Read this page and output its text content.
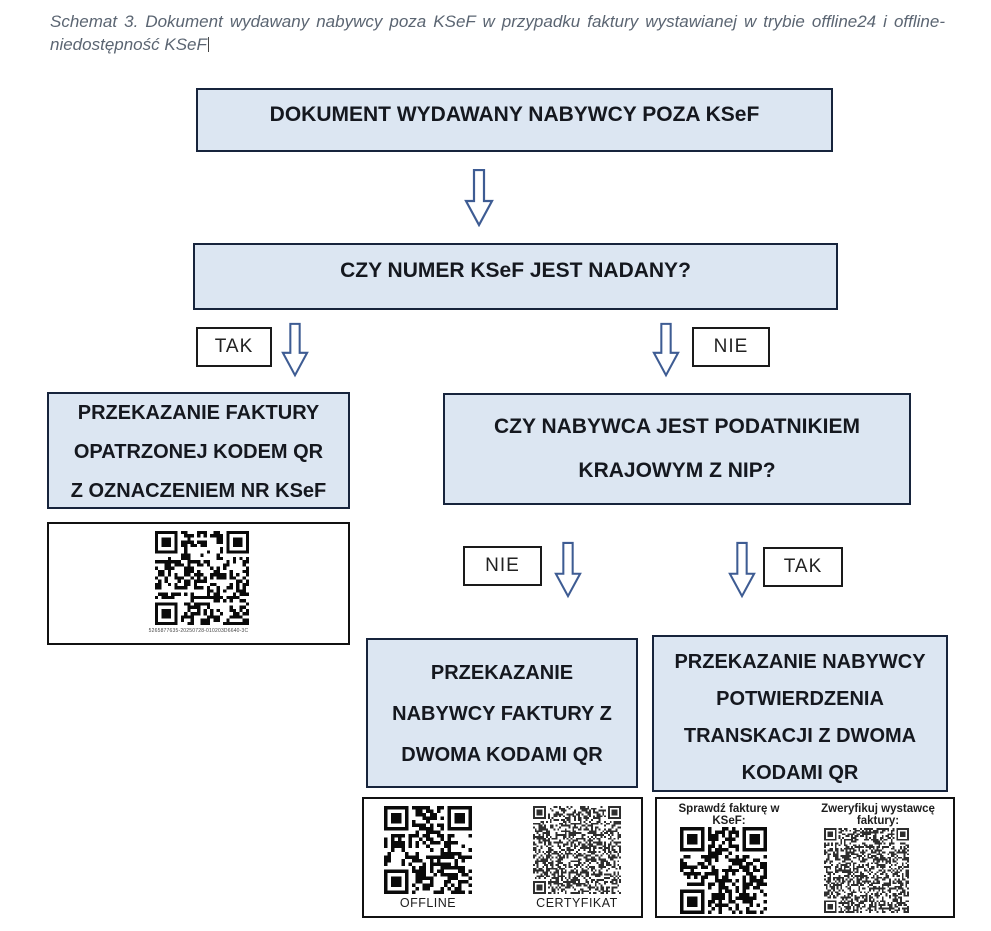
Schemat 3. Dokument wydawany nabywcy poza KSeF w przypadku faktury wystawianej w trybie offline24 i offline-
niedostępność KSeF
DOKUMENT WYDAWANY NABYWCY POZA KSeF
CZY NUMER KSeF JEST NADANY?
TAK	NIE
PRZEKAZANIE FAKTURY
OPATRZONEJ KODEM QR
Z OZNACZENIEM NR KSeF
5265877635-20250728-010203D6640-3C
CZY NABYWCA JEST PODATNIKIEM
KRAJOWYM Z NIP?
NIE	TAK
PRZEKAZANIE
NABYWCY FAKTURY Z
DWOMA KODAMI QR
PRZEKAZANIE NABYWCY
POTWIERDZENIA
TRANSKACJI Z DWOMA
KODAMI QR
OFFLINE	CERTYFIKAT
Sprawdź fakturę w KSeF:
Zweryfikuj wystawcę faktury:
